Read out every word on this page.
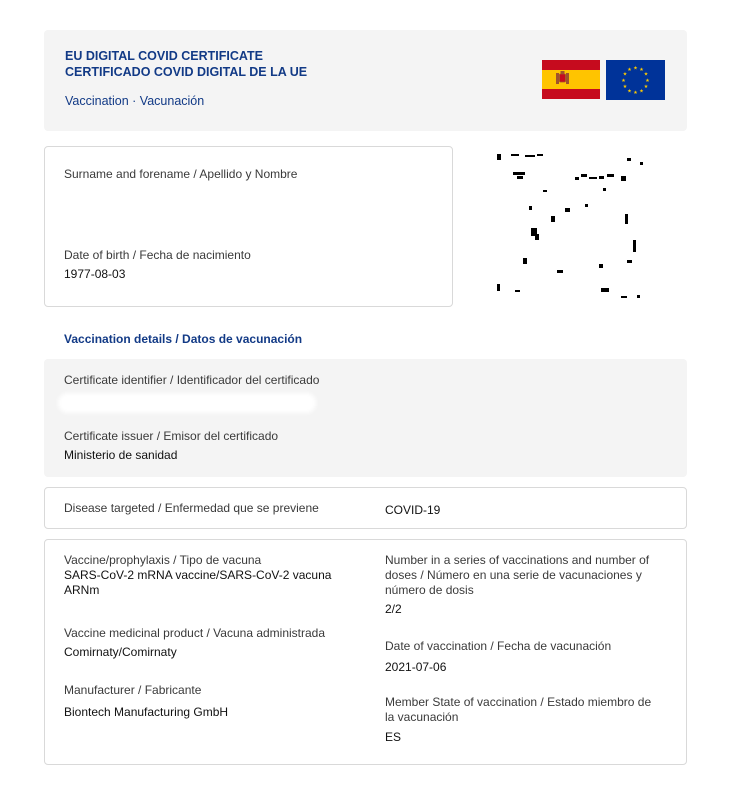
EU DIGITAL COVID CERTIFICATE
CERTIFICADO COVID DIGITAL DE LA UE
Vaccination · Vacunación
★ ★
★
★
★
★
★
★
★
★
★
★
Surname and forename / Apellido y Nombre
Date of birth / Fecha de nacimiento
1977-08-03
Vaccination details / Datos de vacunación
Certificate identifier / Identificador del certificado
Certificate issuer / Emisor del certificado
Ministerio de sanidad
Disease targeted / Enfermedad que se previene	COVID-19
Vaccine/prophylaxis / Tipo de vacuna
SARS-CoV-2 mRNA vaccine/SARS-CoV-2 vacuna
ARNm
Vaccine medicinal product / Vacuna administrada
Comirnaty/Comirnaty
Manufacturer / Fabricante
Biontech Manufacturing GmbH
Number in a series of vaccinations and number of
doses / Número en una serie de vacunaciones y
número de dosis
2/2
Date of vaccination / Fecha de vacunación
2021-07-06
Member State of vaccination / Estado miembro de
la vacunación
ES
